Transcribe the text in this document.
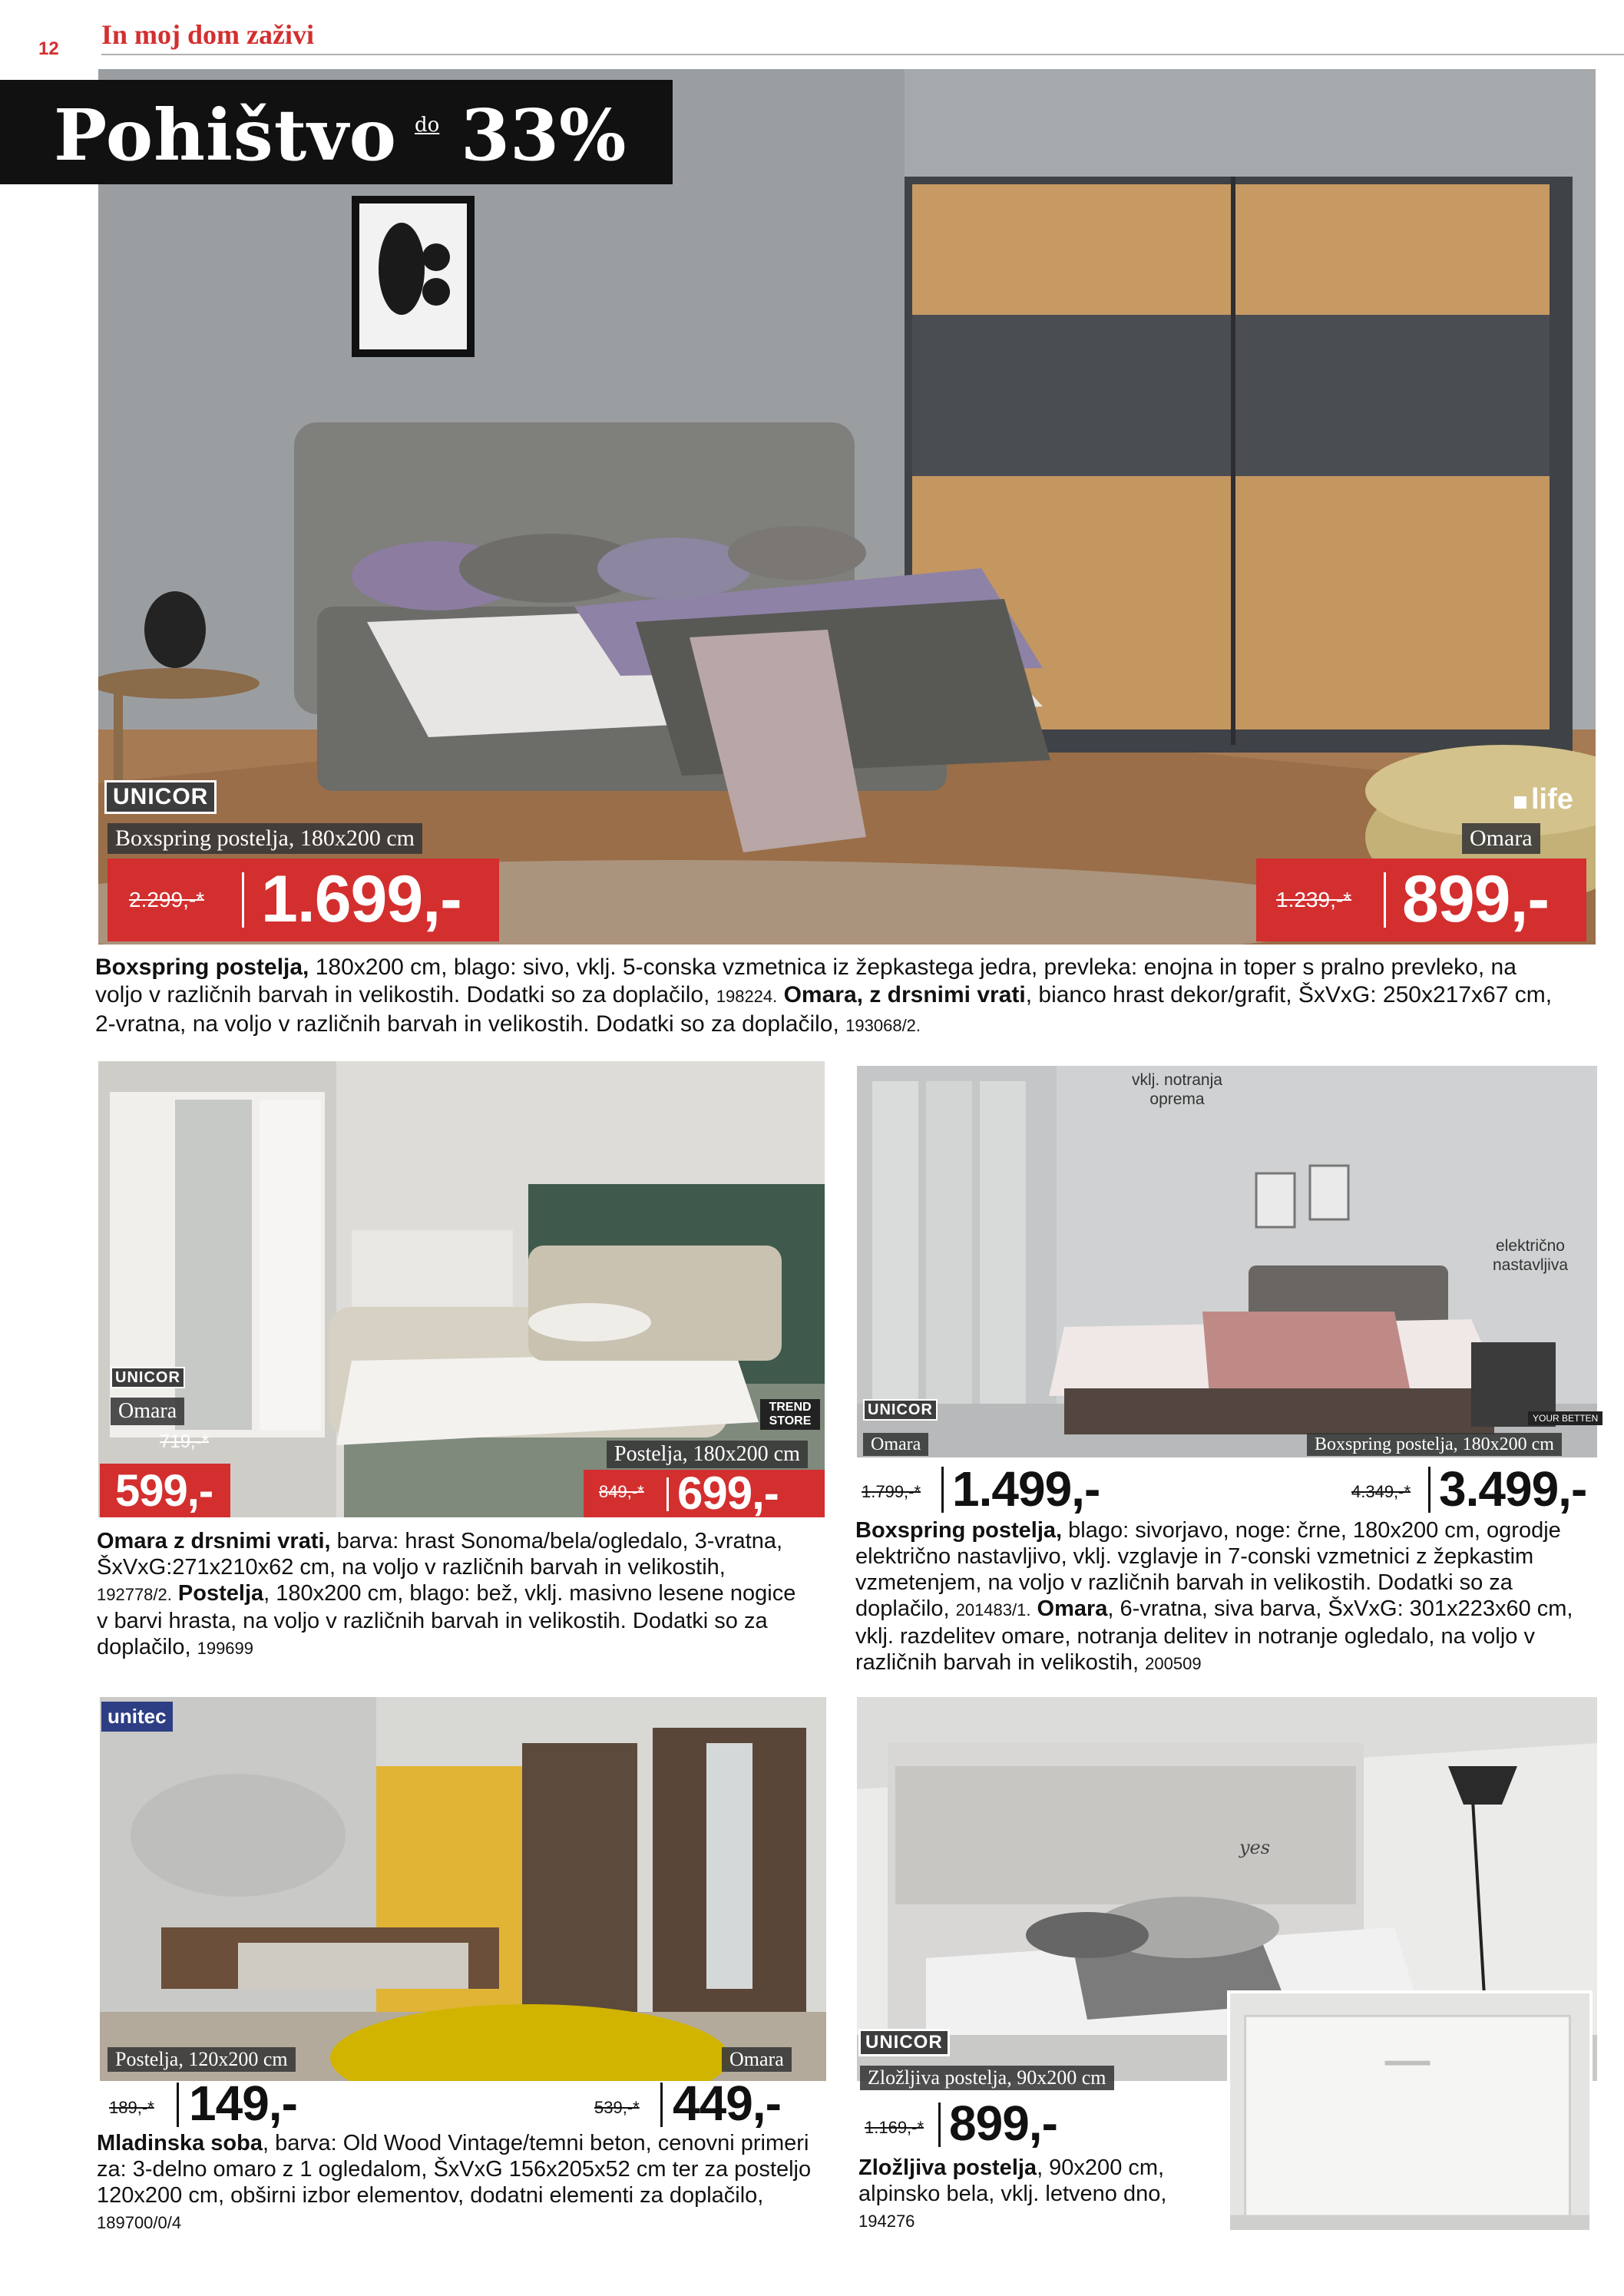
12 In moj dom zaživi
Pohištvo do 33%
UNICOR
Boxspring postelja, 180x200 cm
2.299,-* 1.699,-
life
Omara
1.239,-* 899,-
Boxspring postelja, 180x200 cm, blago: sivo, vklj. 5-conska vzmetnica iz žepkastega jedra, prevleka: enojna in toper s pralno prevleko, na voljo v različnih barvah in velikostih. Dodatki so za doplačilo, 198224. Omara, z drsnimi vrati, bianco hrast dekor/grafit, ŠxVxG: 250x217x67 cm, 2-vratna, na voljo v različnih barvah in velikostih. Dodatki so za doplačilo, 193068/2.
UNICOR
Omara	TREND STORE
Postelja, 180x200 cm
719,-*
599,-	849,-* 699,-
Omara z drsnimi vrati, barva: hrast Sonoma/bela/ogledalo, 3-vratna, ŠxVxG:271x210x62 cm, na voljo v različnih barvah in velikostih, 192778/2. Postelja, 180x200 cm, blago: bež, vklj. masivno lesene nogice v barvi hrasta, na voljo v različnih barvah in velikostih. Dodatki so za doplačilo, 199699
vklj. notranja oprema
električno nastavljiva
UNICOR	YOUR BETTEN
Omara	Boxspring postelja, 180x200 cm
1.799,-* 1.499,-	4.349,-* 3.499,-
Boxspring postelja, blago: sivorjavo, noge: črne, 180x200 cm, ogrodje električno nastavljivo, vklj. vzglavje in 7-conski vzmetnici z žepkastim vzmetenjem, na voljo v različnih barvah in velikostih. Dodatki so za doplačilo, 201483/1. Omara, 6-vratna, siva barva, ŠxVxG: 301x223x60 cm, vklj. razdelitev omare, notranja delitev in notranje ogledalo, na voljo v različnih barvah in velikostih, 200509
unitec
Postelja, 120x200 cm	Omara
189,-* 149,-	539,-* 449,-
Mladinska soba, barva: Old Wood Vintage/temni beton, cenovni primeri za: 3-delno omaro z 1 ogledalom, ŠxVxG 156x205x52 cm ter za posteljo 120x200 cm, obširni izbor elementov, dodatni elementi za doplačilo, 189700/0/4
yes
UNICOR
Zložljiva postelja, 90x200 cm
1.169,-* 899,-
Zložljiva postelja, 90x200 cm, alpinsko bela, vklj. letveno dno, 194276
